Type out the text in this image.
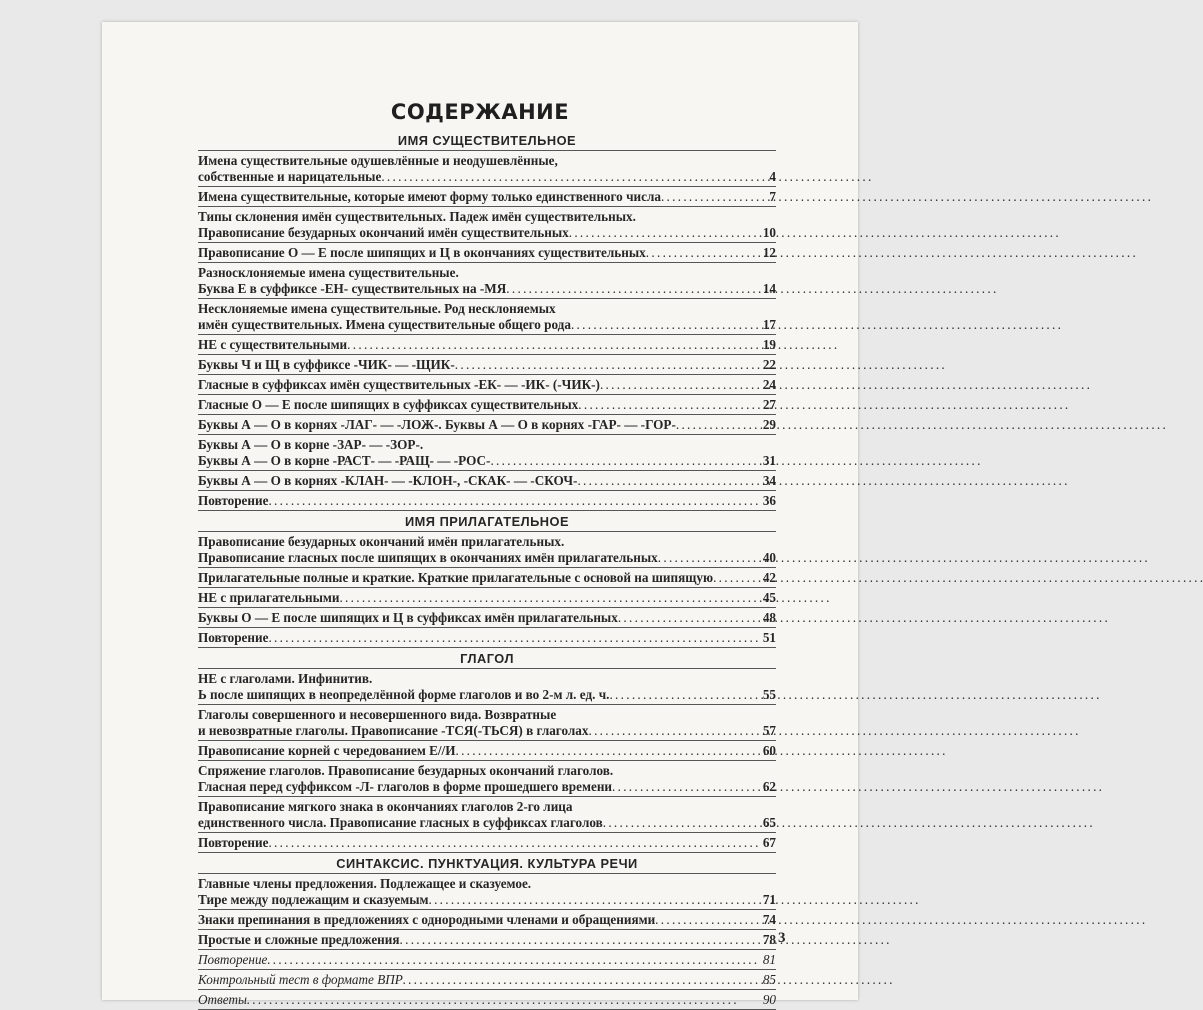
СОДЕРЖАНИЕ
ИМЯ СУЩЕСТВИТЕЛЬНОЕ
Имена существительные одушевлённые и неодушевлённые,
собственные и нарицательные . . .	4
Имена существительные, которые имеют форму только единственного числа . . .	7
Типы склонения имён существительных. Падеж имён существительных.
Правописание безударных окончаний имён существительных . . .	10
Правописание О — Е после шипящих и Ц в окончаниях существительных . . .	12
Разносклоняемые имена существительные.
Буква Е в суффиксе -ЕН- существительных на -МЯ . . .	14
Несклоняемые имена существительные. Род несклоняемых
имён существительных. Имена существительные общего рода . . .	17
НЕ с существительными . . .	19
Буквы Ч и Щ в суффиксе -ЧИК- — -ЩИК- . . .	22
Гласные в суффиксах имён существительных -ЕК- — -ИК- (-ЧИК-) . . .	24
Гласные О — Е после шипящих в суффиксах существительных . . .	27
Буквы А — О в корнях -ЛАГ- — -ЛОЖ-. Буквы А — О в корнях -ГАР- — -ГОР- . . .	29
Буквы А — О в корне -ЗАР- — -ЗОР-.
Буквы А — О в корне -РАСТ- — -РАЩ- — -РОС- . . .	31
Буквы А — О в корнях -КЛАН- — -КЛОН-, -СКАК- — -СКОЧ- . . .	34
Повторение . . .	36
ИМЯ ПРИЛАГАТЕЛЬНОЕ
Правописание безударных окончаний имён прилагательных.
Правописание гласных после шипящих в окончаниях имён прилагательных . . .	40
Прилагательные полные и краткие. Краткие прилагательные с основой на шипящую . . .	42
НЕ с прилагательными . . .	45
Буквы О — Е после шипящих и Ц в суффиксах имён прилагательных . . .	48
Повторение . . .	51
ГЛАГОЛ
НЕ с глаголами. Инфинитив.
Ь после шипящих в неопределённой форме глаголов и во 2-м л. ед. ч. . . .	55
Глаголы совершенного и несовершенного вида. Возвратные
и невозвратные глаголы. Правописание -ТСЯ(-ТЬСЯ) в глаголах . . .	57
Правописание корней с чередованием Е//И . . .	60
Спряжение глаголов. Правописание безударных окончаний глаголов.
Гласная перед суффиксом -Л- глаголов в форме прошедшего времени . . .	62
Правописание мягкого знака в окончаниях глаголов 2-го лица
единственного числа. Правописание гласных в суффиксах глаголов . . .	65
Повторение . . .	67
СИНТАКСИС. ПУНКТУАЦИЯ. КУЛЬТУРА РЕЧИ
Главные члены предложения. Подлежащее и сказуемое.
Тире между подлежащим и сказуемым . . .	71
Знаки препинания в предложениях с однородными членами и обращениями . . .	74
Простые и сложные предложения . . .	78
Повторение . . .	81
Контрольный тест в формате ВПР . . .	85
Ответы . . .	90
3
